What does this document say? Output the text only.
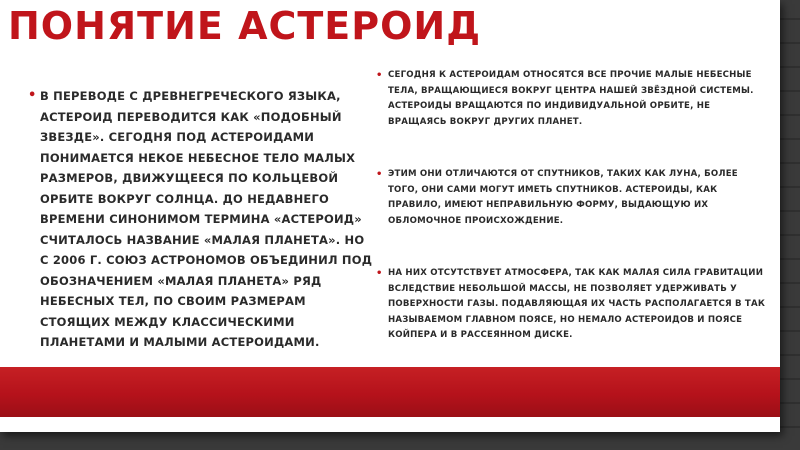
ПОНЯТИЕ АСТЕРОИД
• В ПЕРЕВОДЕ С ДРЕВНЕГРЕЧЕСКОГО ЯЗЫКА,
АСТЕРОИД ПЕРЕВОДИТСЯ КАК «ПОДОБНЫЙ ЗВЕЗДЕ». СЕГОДНЯ ПОД АСТЕРОИДАМИ ПОНИМАЕТСЯ НЕКОЕ НЕБЕСНОЕ ТЕЛО МАЛЫХ РАЗМЕРОВ, ДВИЖУЩЕЕСЯ ПО КОЛЬЦЕВОЙ ОРБИТЕ ВОКРУГ СОЛНЦА. ДО НЕДАВНЕГО ВРЕМЕНИ СИНОНИМОМ ТЕРМИНА «АСТЕРОИД» СЧИТАЛОСЬ НАЗВАНИЕ «МАЛАЯ ПЛАНЕТА». НО С 2006 Г. СОЮЗ АСТРОНОМОВ ОБЪЕДИНИЛ ПОД ОБОЗНАЧЕНИЕМ «МАЛАЯ ПЛАНЕТА» РЯД НЕБЕСНЫХ ТЕЛ, ПО СВОИМ РАЗМЕРАМ СТОЯЩИХ МЕЖДУ КЛАССИЧЕСКИМИ ПЛАНЕТАМИ И МАЛЫМИ АСТЕРОИДАМИ.
• СЕГОДНЯ К АСТЕРОИДАМ ОТНОСЯТСЯ ВСЕ ПРОЧИЕ МАЛЫЕ НЕБЕСНЫЕ ТЕЛА, ВРАЩАЮЩИЕСЯ ВОКРУГ ЦЕНТРА НАШЕЙ ЗВЁЗДНОЙ СИСТЕМЫ. АСТЕРОИДЫ ВРАЩАЮТСЯ ПО ИНДИВИДУАЛЬНОЙ ОРБИТЕ, НЕ ВРАЩАЯСЬ ВОКРУГ ДРУГИХ ПЛАНЕТ.
• ЭТИМ ОНИ ОТЛИЧАЮТСЯ ОТ СПУТНИКОВ, ТАКИХ КАК ЛУНА, БОЛЕЕ ТОГО, ОНИ САМИ МОГУТ ИМЕТЬ СПУТНИКОВ. АСТЕРОИДЫ, КАК ПРАВИЛО, ИМЕЮТ НЕПРАВИЛЬНУЮ ФОРМУ, ВЫДАЮЩУЮ ИХ ОБЛОМОЧНОЕ ПРОИСХОЖДЕНИЕ.
• НА НИХ ОТСУТСТВУЕТ АТМОСФЕРА, ТАК КАК МАЛАЯ СИЛА ГРАВИТАЦИИ ВСЛЕДСТВИЕ НЕБОЛЬШОЙ МАССЫ, НЕ ПОЗВОЛЯЕТ УДЕРЖИВАТЬ У ПОВЕРХНОСТИ ГАЗЫ. ПОДАВЛЯЮЩАЯ ИХ ЧАСТЬ РАСПОЛАГАЕТСЯ В ТАК НАЗЫВАЕМОМ ГЛАВНОМ ПОЯСЕ, НО НЕМАЛО АСТЕРОИДОВ И ПОЯСЕ КОЙПЕРА И В РАССЕЯННОМ ДИСКЕ.
